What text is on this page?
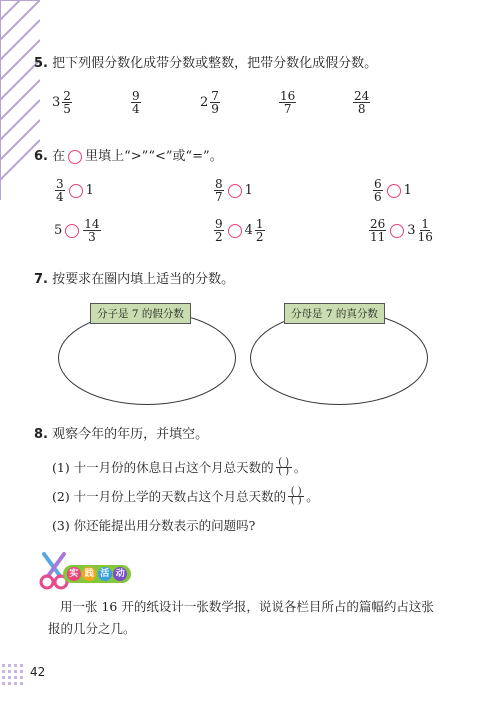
5. 把下列假分数化成带分数或整数，把带分数化成假分数。
$3 \frac{2}{5}$	$\frac{9}{4}$	$2 \frac{7}{9}$	$\frac{16}{7}$	$\frac{24}{8}$
6.
在 里填上“>”“<”或“=”。
$\frac{3}{4} 1$	$\frac{8}{7} 1$	$\frac{6}{6} 1$
$5 \frac{14}{3}$	$\frac{9}{2} 4 \frac{1}{2}$	$\frac{26}{11} 3 \frac{1}{16}$
7. 按要求在圈内填上适当的分数。
分子是 7 的假分数	分母是 7 的真分数
8. 观察今年的年历，并填空。
(1) 十一月份的休息日占这个月总天数的 ( )
( ) 。
(2) 十一月份上学的天数占这个月总天数的 ( )
( ) 。
(3) 你还能提出用分数表示的问题吗?
实 践 活 动
用一张 16 开的纸设计一张数学报，说说各栏目所占的篇幅约占这张
报的几分之几。
42
